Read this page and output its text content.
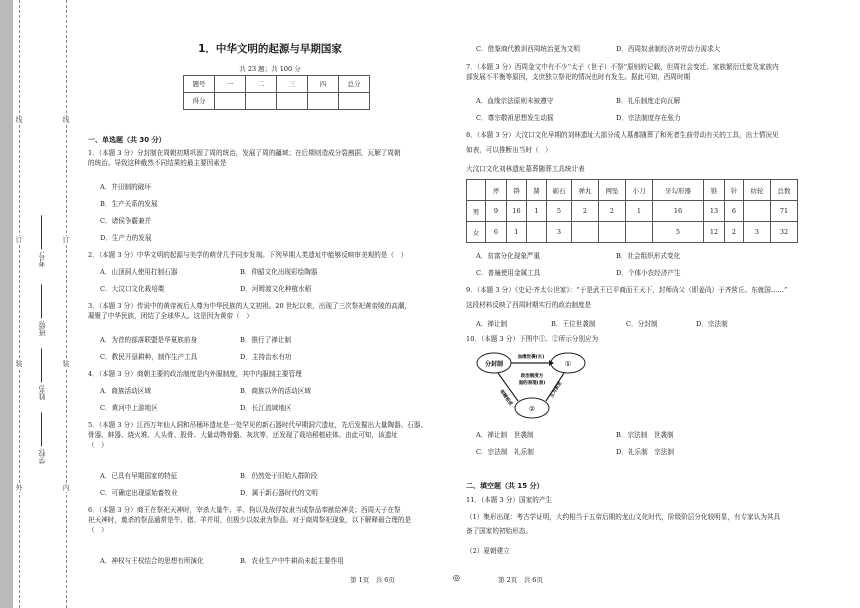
线
订
装
外
线
订
装
内
考号:
班级:
姓名:
学校:
1．中华文明的起源与早期国家
共 23 题；共 100 分
题号	一	二	三	四	总分
得分					
一、单选题（共 30 分）
1．（本题 3 分）分封制在周朝初期巩固了周的统治，发展了周的疆域；在后期则造成分裂割据，瓦解了周朝
的统治。导致这种截然不同结果的最主要因素是
A．井田制的破坏
B．生产关系的发展
C．诸侯争霸兼并
D．生产力的发展
2．（本题 3 分）中华文明的起源与美学的萌芽几乎同步发端。下列早期人类遗址中能够反映审美观的是（　）
A．山顶洞人使用打制石器	B．仰韶文化出现彩绘陶器
C．大汶口文化栽培粟	D．河姆渡文化种植水稻
3．（本题 3 分）传说中的黄帝被后人尊为中华民族的人文初祖。20 世纪以来，出现了三次祭祀黄帝陵的高潮，
凝聚了中华民族，团结了全球华人。这是因为黄帝（　）
A．为首的部落联盟是华夏族前身	B．推行了禅让制
C．教民开垦耕种，制作生产工具	D．主持治水有功
4．（本题 3 分）商朝主要的政治制度是内外服制度，其中内服制主要管理
A．商族活动区域	B．商族以外的活动区域
C．黄河中上游地区	D．长江流域地区
5．（本题 3 分）江西万年仙人洞和吊桶环遗址是一处罕见的新石器时代早期洞穴遗址，先后发掘出大量陶器、石器、
骨器、蚌器、烧火堆、人头骨、股骨、大量动物骨骼、灰坑等，还发现了栽培稻植硅体。由此可知，该遗址
（　）
A．已具有早期国家的特征	B．仍然处于旧始人群阶段
C．可确定出现原始畜牧业	D．属于新石器时代的文明
6．（本题 3 分）商王在祭祀天神时，宰杀大量牛、羊、狗以及战俘奴隶当成祭品奉献给神灵；西周天子在祭
祀天神时，奠杀的祭品通常是牛、猪、羊并用，但极少以奴隶为祭品。对于商周祭祀现象，以下解释最合理的是
（　）
A．神权与王权结合的思想有所演化	B．农业生产中牛耕尚未起主要作用
第 1页　共 6页	◎
C．借鉴商代教训西周统治更为文明	D．西周奴隶制经济对劳动力需求大
7．（本题 3 分）西周金文中有不少“太子（世子）不祭”原则的记载，但周社会变迁、家族繁衍迁徙及家族内
部发展不平衡等原因，支庶独立祭祀的情况也时有发生。据此可知，西周时期
A．血缘宗法原则未被遵守	B．礼乐制度走向瓦解
C．尊宗敬祖思想发生动摇	D．宗法制度存在张力
8．（本题 3 分）大汶口文化早期的刘林遗址大部分成人墓都随葬了和死者生前劳动有关的工具，出土情况见
如表，可以推断出当时（　）
大汶口文化刘林遗址墓葬随葬工具统计表
A．贫富分化现象严重	B．社会组织形式变化
C．普遍使用金属工具	D．个体小农经济产生
9．（本题 3 分）《史记·齐太公世家》：“于是武王已平商而王天下，封师尚父（即姜尚）于齐营丘。东就国……”
这段材料反映了西周时期实行的政治制度是
A．禅让制	B．王位世袭制	C．分封制	D．宗法制
10．（本题 3 分）下图中①、②所示分别应为
A．禅让制　世袭制	B．宗法制　世袭制
C．宗法制　礼乐制	D．礼乐制　宗法制
二、填空题（共 15 分）
11．（本题 3 分）国家的产生
（1）集形出现：考古学证明，大约相当于五帝后期的龙山文化时代，阶级阶层分化较明显，有专家认为其具
备了国家的初始形态。
（2）夏朝建立
第 2页　共 6页
	斧	锛	凿	砺石	弹丸	网坠	小刀	牙勾形器	锥	针	纺轮	总数
男	9	16	1	5	2	2	1	16	13	6		71
女	6	1		3				5	12	2	3	32
分封制	①
②
血缘世袭(长)
政治制度方
面的表现(表)
相辅相成	互为表里
